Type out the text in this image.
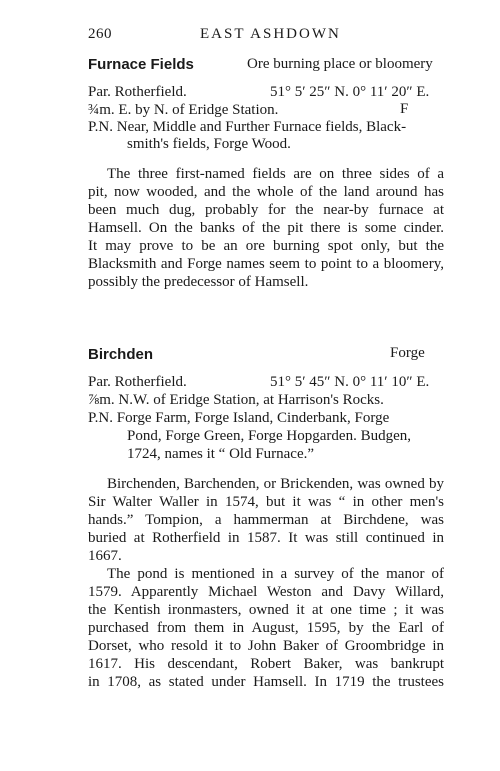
260	EAST ASHDOWN
Furnace Fields	Ore burning place or bloomery
Par. Rotherfield.	51° 5′ 25″ N. 0° 11′ 20″ E.
¾m. E. by N. of Eridge Station.	F
P.N. Near, Middle and Further Furnace fields, Black-
smith's fields, Forge Wood.
The three first-named fields are on three sides of a
pit, now wooded, and the whole of the land around has
been much dug, probably for the near-by furnace at
Hamsell. On the banks of the pit there is some cinder.
It may prove to be an ore burning spot only, but the
Blacksmith and Forge names seem to point to a bloomery,
possibly the predecessor of Hamsell.
Birchden	Forge
Par. Rotherfield.	51° 5′ 45″ N. 0° 11′ 10″ E.
⅞m. N.W. of Eridge Station, at Harrison's Rocks.
P.N. Forge Farm, Forge Island, Cinderbank, Forge
Pond, Forge Green, Forge Hopgarden. Budgen,
1724, names it “ Old Furnace.”
Birchenden, Barchenden, or Brickenden, was owned by
Sir Walter Waller in 1574, but it was “ in other men's
hands.” Tompion, a hammerman at Birchdene, was
buried at Rotherfield in 1587. It was still continued in
1667.
The pond is mentioned in a survey of the manor of
1579. Apparently Michael Weston and Davy Willard,
the Kentish ironmasters, owned it at one time ; it was
purchased from them in August, 1595, by the Earl of
Dorset, who resold it to John Baker of Groombridge in
1617. His descendant, Robert Baker, was bankrupt
in 1708, as stated under Hamsell. In 1719 the trustees
